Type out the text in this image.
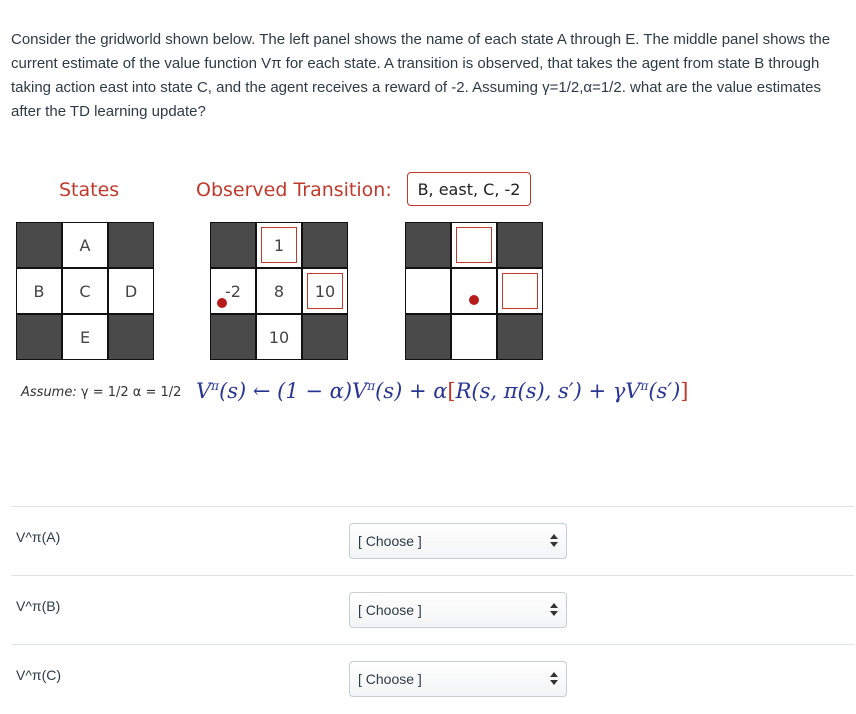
Consider the gridworld shown below. The left panel shows the name of each state A through E. The middle panel shows the current estimate of the value function Vπ for each state. A transition is observed, that takes the agent from state B through taking action east into state C, and the agent receives a reward of -2. Assuming γ=1/2,α=1/2. what are the value estimates after the TD learning update?
States	Observed Transition:	B, east, C, -2
A
B C D
E
1
-2 8 10
10
Assume: γ = 1/2 α = 1/2 $V^\pi(s)$ ← $(1 - \alpha)V^\pi(s) + \alpha[R(s$, π(s), $s') + \gamma V^\pi(s')$]
V^π(A)	[ Choose ]
V^π(B)	[ Choose ]
V^π(C)	[ Choose ]
